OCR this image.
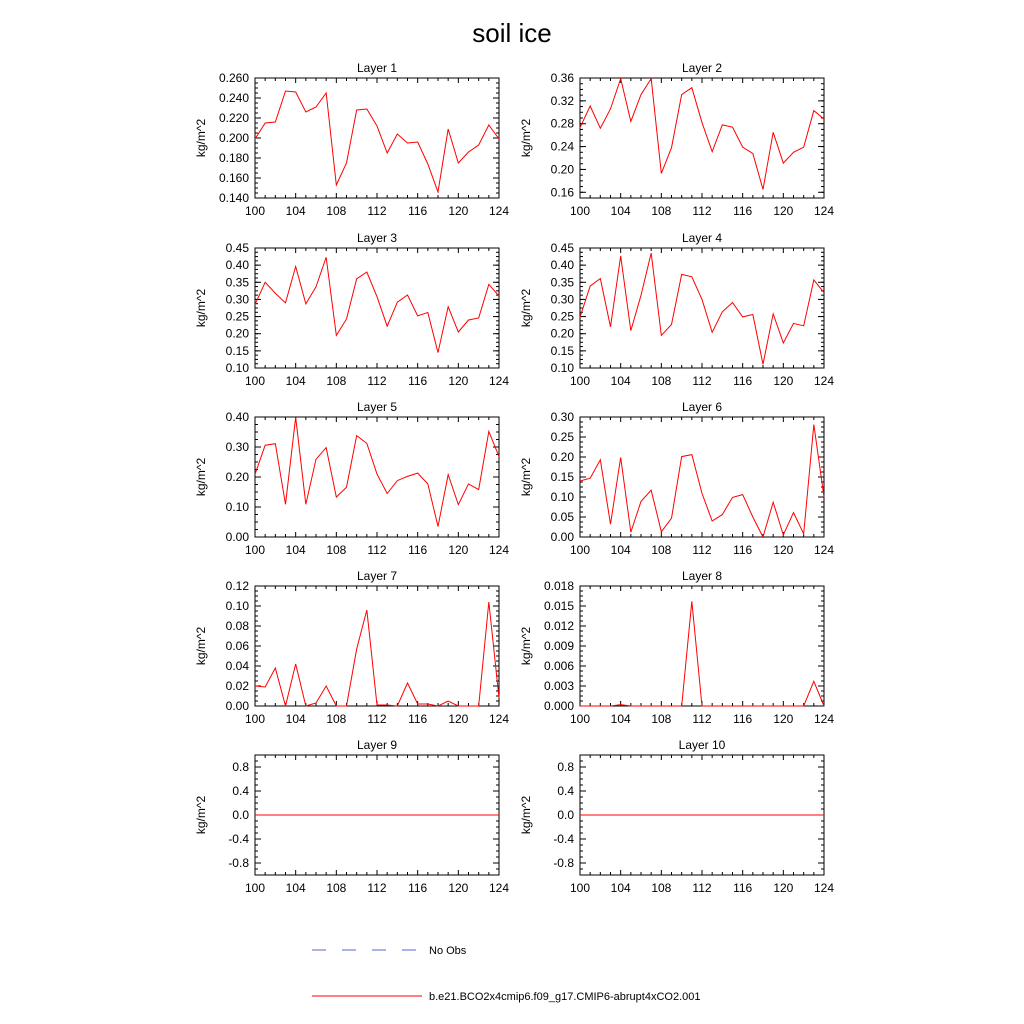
soil ice
Layer 1
kg/m^2
100 104 108 112 116 120 124
0.140
0.160
0.180
0.200
0.220
0.240
0.260
Layer 2
kg/m^2
100 104 108 112 116 120 124
0.16
0.20
0.24
0.28
0.32
0.36
Layer 3
kg/m^2
100 104 108 112 116 120 124
0.10
0.15
0.20
0.25
0.30
0.35
0.40
0.45
Layer 4
kg/m^2
100 104 108 112 116 120 124
0.10
0.15
0.20
0.25
0.30
0.35
0.40
0.45
Layer 5
kg/m^2
100 104 108 112 116 120 124
0.00
0.10
0.20
0.30
0.40
Layer 6
kg/m^2
100 104 108 112 116 120 124
0.00
0.05
0.10
0.15
0.20
0.25
0.30
Layer 7
kg/m^2
100 104 108 112 116 120 124
0.00
0.02
0.04
0.06
0.08
0.10
0.12
Layer 8
kg/m^2
100 104 108 112 116 120 124
0.000
0.003
0.006
0.009
0.012
0.015
0.018
Layer 9
kg/m^2
100 104 108 112 116 120 124
-0.8
-0.4
0.0
0.4
0.8
Layer 10
kg/m^2
100 104 108 112 116 120 124
-0.8
-0.4
0.0
0.4
0.8
No Obs
b.e21.BCO2x4cmip6.f09_g17.CMIP6-abrupt4xCO2.001
